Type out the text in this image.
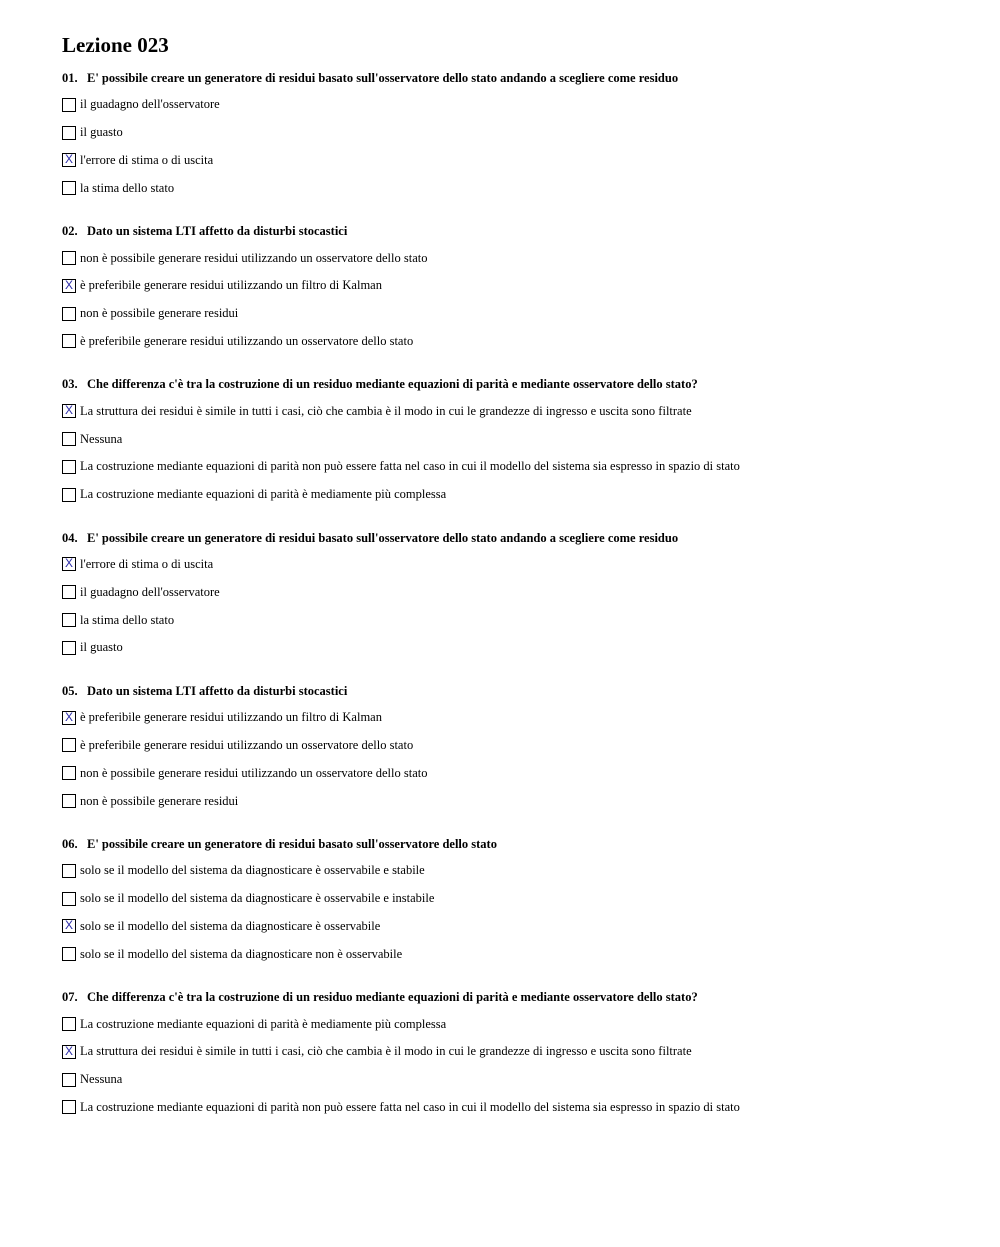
Lezione 023
01. E' possibile creare un generatore di residui basato sull'osservatore dello stato andando a scegliere come residuo
il guadagno dell'osservatore
il guasto
X l'errore di stima o di uscita
la stima dello stato
02. Dato un sistema LTI affetto da disturbi stocastici
non è possibile generare residui utilizzando un osservatore dello stato
X è preferibile generare residui utilizzando un filtro di Kalman
non è possibile generare residui
è preferibile generare residui utilizzando un osservatore dello stato
03. Che differenza c'è tra la costruzione di un residuo mediante equazioni di parità e mediante osservatore dello stato?
X La struttura dei residui è simile in tutti i casi, ciò che cambia è il modo in cui le grandezze di ingresso e uscita sono filtrate
Nessuna
La costruzione mediante equazioni di parità non può essere fatta nel caso in cui il modello del sistema sia espresso in spazio di stato
La costruzione mediante equazioni di parità è mediamente più complessa
04. E' possibile creare un generatore di residui basato sull'osservatore dello stato andando a scegliere come residuo
X l'errore di stima o di uscita
il guadagno dell'osservatore
la stima dello stato
il guasto
05. Dato un sistema LTI affetto da disturbi stocastici
X è preferibile generare residui utilizzando un filtro di Kalman
è preferibile generare residui utilizzando un osservatore dello stato
non è possibile generare residui utilizzando un osservatore dello stato
non è possibile generare residui
06. E' possibile creare un generatore di residui basato sull'osservatore dello stato
solo se il modello del sistema da diagnosticare è osservabile e stabile
solo se il modello del sistema da diagnosticare è osservabile e instabile
X solo se il modello del sistema da diagnosticare è osservabile
solo se il modello del sistema da diagnosticare non è osservabile
07. Che differenza c'è tra la costruzione di un residuo mediante equazioni di parità e mediante osservatore dello stato?
La costruzione mediante equazioni di parità è mediamente più complessa
X La struttura dei residui è simile in tutti i casi, ciò che cambia è il modo in cui le grandezze di ingresso e uscita sono filtrate
Nessuna
La costruzione mediante equazioni di parità non può essere fatta nel caso in cui il modello del sistema sia espresso in spazio di stato
